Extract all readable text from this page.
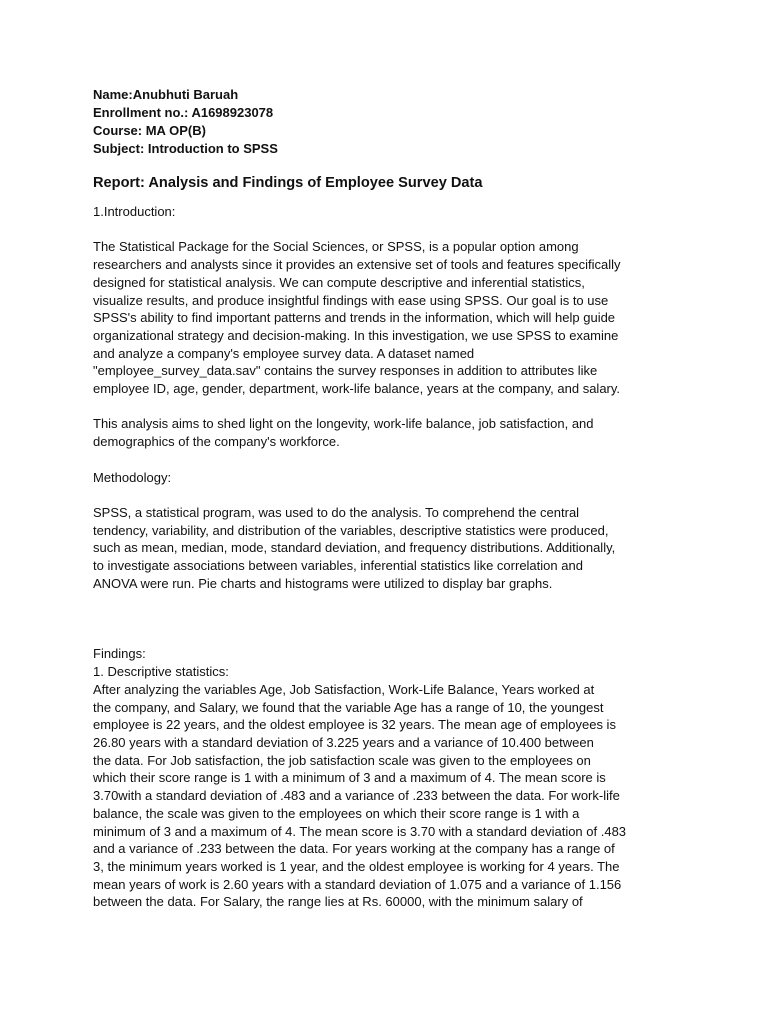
Name:Anubhuti Baruah

Enrollment no.: A1698923078

Course: MA OP(B)

Subject: Introduction to SPSS

Report: Analysis and Findings of Employee Survey Data

1.Introduction:

The Statistical Package for the Social Sciences, or SPSS, is a popular option among

researchers and analysts since it provides an extensive set of tools and features specifically

designed for statistical analysis. We can compute descriptive and inferential statistics,

visualize results, and produce insightful findings with ease using SPSS. Our goal is to use

SPSS's ability to find important patterns and trends in the information, which will help guide

organizational strategy and decision-making. In this investigation, we use SPSS to examine

and analyze a company's employee survey data. A dataset named

"employee_survey_data.sav" contains the survey responses in addition to attributes like

employee ID, age, gender, department, work-life balance, years at the company, and salary.

This analysis aims to shed light on the longevity, work-life balance, job satisfaction, and

demographics of the company's workforce.

Methodology:

SPSS, a statistical program, was used to do the analysis. To comprehend the central

tendency, variability, and distribution of the variables, descriptive statistics were produced,

such as mean, median, mode, standard deviation, and frequency distributions. Additionally,

to investigate associations between variables, inferential statistics like correlation and

ANOVA were run. Pie charts and histograms were utilized to display bar graphs.

Findings:

1. Descriptive statistics:

After analyzing the variables Age, Job Satisfaction, Work-Life Balance, Years worked at

the company, and Salary, we found that the variable Age has a range of 10, the youngest

employee is 22 years, and the oldest employee is 32 years. The mean age of employees is

26.80 years with a standard deviation of 3.225 years and a variance of 10.400 between

the data. For Job satisfaction, the job satisfaction scale was given to the employees on

which their score range is 1 with a minimum of 3 and a maximum of 4. The mean score is

3.70with a standard deviation of .483 and a variance of .233 between the data. For work-life

balance, the scale was given to the employees on which their score range is 1 with a

minimum of 3 and a maximum of 4. The mean score is 3.70 with a standard deviation of .483

and a variance of .233 between the data. For years working at the company has a range of

3, the minimum years worked is 1 year, and the oldest employee is working for 4 years. The

mean years of work is 2.60 years with a standard deviation of 1.075 and a variance of 1.156

between the data. For Salary, the range lies at Rs. 60000, with the minimum salary of
